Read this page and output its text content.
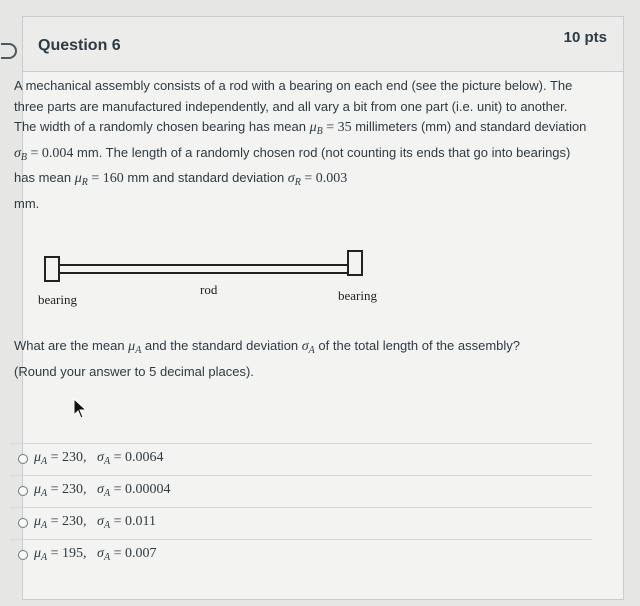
Question 6	10 pts
A mechanical assembly consists of a rod with a bearing on each end (see the picture below). The three parts are manufactured independently, and all vary a bit from one part (i.e. unit) to another. The width of a randomly chosen bearing has mean $\mu_B = 35$ millimeters (mm) and standard deviation $\sigma_B = 0.004$ mm. The length of a randomly chosen rod (not counting its ends that go into bearings) has mean $\mu_R = 160$ mm and standard deviation $\sigma_R = 0.003$
mm.
bearing
rod	bearing
What are the mean $\mu_A$ and the standard deviation $\sigma_A$ of the total length of the assembly?
(Round your answer to 5 decimal places).
$\mu_A = 230$, $\sigma_A = 0.0064$
$\mu_A = 230$, $\sigma_A = 0.00004$
$\mu_A = 230$, $\sigma_A = 0.011$
$\mu_A = 195$, $\sigma_A = 0.007$
